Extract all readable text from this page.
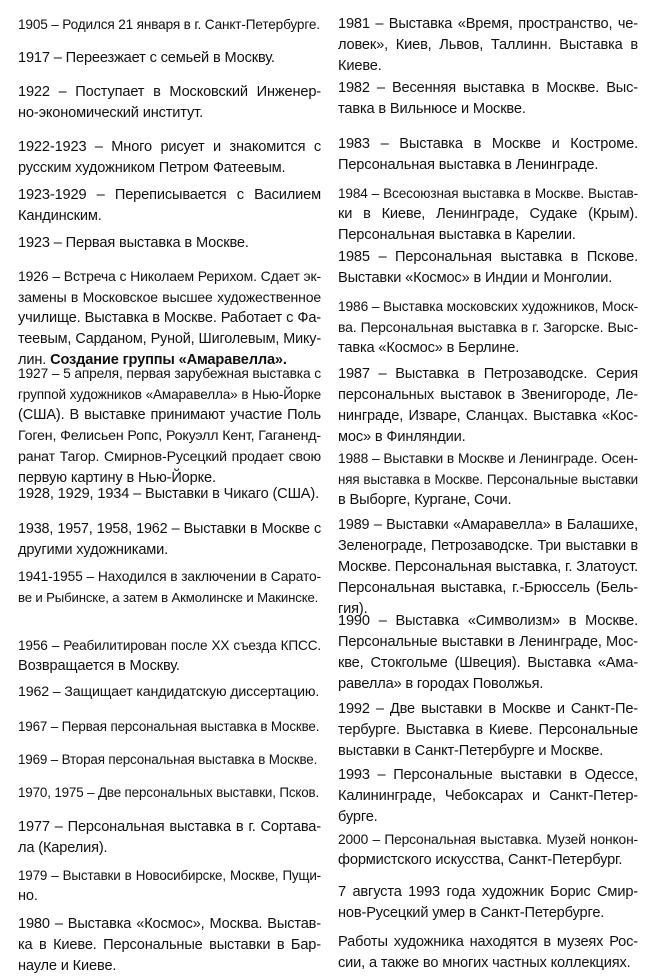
1905 – Родился 21 января в г. Санкт-Петербурге.

1917 – Переезжает с семьей в Москву.

1922 – Поступает в Московский Инженер-
но-экономический институт.

1922-1923 – Много рисует и знакомится с
русским художником Петром Фатеевым.

1923-1929 – Переписывается с Василием
Кандинским.

1923 – Первая выставка в Москве.

1926 – Встреча с Николаем Рерихом. Сдает эк-
замены в Московское высшее художественное
училище. Выставка в Москве. Работает с Фа-
теевым, Сарданом, Руной, Шиголевым, Мику-
лин. Создание группы «Амаравелла».

1927 – 5 апреля, первая зарубежная выставка с
группой художников «Амаравелла» в Нью-Йорке
(США). В выставке принимают участие Поль
Гоген, Фелисьен Ропс, Рокуэлл Кент, Гаганенд-
ранат Тагор. Смирнов-Русецкий продает свою
первую картину в Нью-Йорке.

1928, 1929, 1934 – Выставки в Чикаго (США).

1938, 1957, 1958, 1962 – Выставки в Москве с
другими художниками.

1941-1955 – Находился в заключении в Сарато-
ве и Рыбинске, а затем в Акмолинске и Макинске.

1956 – Реабилитирован после XX съезда КПСС.
Возвращается в Москву.

1962 – Защищает кандидатскую диссертацию.

1967 – Первая персональная выставка в Москве.

1969 – Вторая персональная выставка в Москве.

1970, 1975 – Две персональных выставки, Псков.

1977 – Персональная выставка в г. Сортава-
ла (Карелия).

1979 – Выставки в Новосибирске, Москве, Пущи-
но.

1980 – Выставка «Космос», Москва. Выстав-
ка в Киеве. Персональные выставки в Бар-
науле и Киеве.

1981 – Выставка «Время, пространство, че-
ловек», Киев, Львов, Таллинн. Выставка в
Киеве.

1982 – Весенняя выставка в Москве. Выс-
тавка в Вильнюсе и Москве.

1983 – Выставка в Москве и Костроме.
Персональная выставка в Ленинграде.

1984 – Всесоюзная выставка в Москве. Выстав-
ки в Киеве, Ленинграде, Судаке (Крым).
Персональная выставка в Карелии.

1985 – Персональная выставка в Пскове.
Выставки «Космос» в Индии и Монголии.

1986 – Выставка московских художников, Моск-
ва. Персональная выставка в г. Загорске. Выс-
тавка «Космос» в Берлине.

1987 – Выставка в Петрозаводске. Серия
персональных выставок в Звенигороде, Ле-
нинграде, Изваре, Сланцах. Выставка «Кос-
мос» в Финляндии.

1988 – Выставки в Москве и Ленинграде. Осен-
няя выставка в Москве. Персональные выставки
в Выборге, Кургане, Сочи.

1989 – Выставки «Амаравелла» в Балашихе,
Зеленограде, Петрозаводске. Три выставки в
Москве. Персональная выставка, г. Златоуст.
Персональная выставка, г.-Брюссель (Бель-
гия).

1990 – Выставка «Символизм» в Москве.
Персональные выставки в Ленинграде, Мос-
кве, Стокгольме (Швеция). Выставка «Ама-
равелла» в городах Поволжья.

1992 – Две выставки в Москве и Санкт-Пе-
тербурге. Выставка в Киеве. Персональные
выставки в Санкт-Петербурге и Москве.

1993 – Персональные выставки в Одессе,
Калининграде, Чебоксарах и Санкт-Петер-
бурге.

2000 – Персональная выставка. Музей нонкон-
формистского искусства, Санкт-Петербург.

7 августа 1993 года художник Борис Смир-
нов-Русецкий умер в Санкт-Петербурге.

Работы художника находятся в музеях Рос-
сии, а также во многих частных коллекциях.
